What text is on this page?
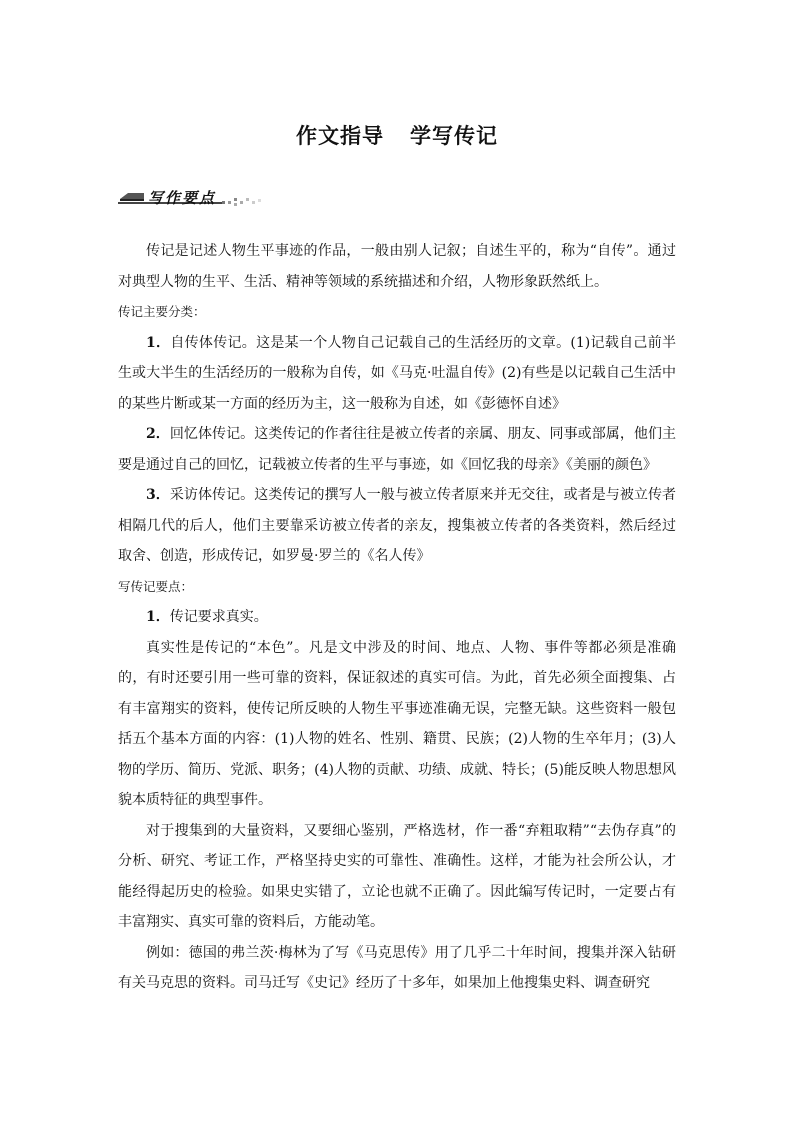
作文指导 学写传记
写作要点

传记是记述人物生平事迹的作品，一般由别人记叙；自述生平的，称为“自传”。通过对典型人物的生平、生活、精神等领域的系统描述和介绍，人物形象跃然纸上。

传记主要分类：

1．自传体传记。这是某一个人物自己记载自己的生活经历的文章。(1)记载自己前半生或大半生的生活经历的一般称为自传，如《马克·吐温自传》(2)有些是以记载自己生活中的某些片断或某一方面的经历为主，这一般称为自述，如《彭德怀自述》

2．回忆体传记。这类传记的作者往往是被立传者的亲属、朋友、同事或部属，他们主要是通过自己的回忆，记载被立传者的生平与事迹，如《回忆我的母亲》《美丽的颜色》

3．采访体传记。这类传记的撰写人一般与被立传者原来并无交往，或者是与被立传者相隔几代的后人，他们主要靠采访被立传者的亲友，搜集被立传者的各类资料，然后经过取舍、创造，形成传记，如罗曼·罗兰的《名人传》

写传记要点：

1．传记要求真实。

真实性是传记的“本色”。凡是文中涉及的时间、地点、人物、事件等都必须是准确的，有时还要引用一些可靠的资料，保证叙述的真实可信。为此，首先必须全面搜集、占有丰富翔实的资料，使传记所反映的人物生平事迹准确无误，完整无缺。这些资料一般包括五个基本方面的内容：(1)人物的姓名、性别、籍贯、民族；(2)人物的生卒年月；(3)人物的学历、简历、党派、职务；(4)人物的贡献、功绩、成就、特长；(5)能反映人物思想风貌本质特征的典型事件。

对于搜集到的大量资料，又要细心鉴别，严格选材，作一番“弃粗取精”“去伪存真”的分析、研究、考证工作，严格坚持史实的可靠性、准确性。这样，才能为社会所公认，才能经得起历史的检验。如果史实错了，立论也就不正确了。因此编写传记时，一定要占有丰富翔实、真实可靠的资料后，方能动笔。

例如：德国的弗兰茨·梅林为了写《马克思传》用了几乎二十年时间，搜集并深入钻研有关马克思的资料。司马迁写《史记》经历了十多年，如果加上他搜集史料、调查研究
